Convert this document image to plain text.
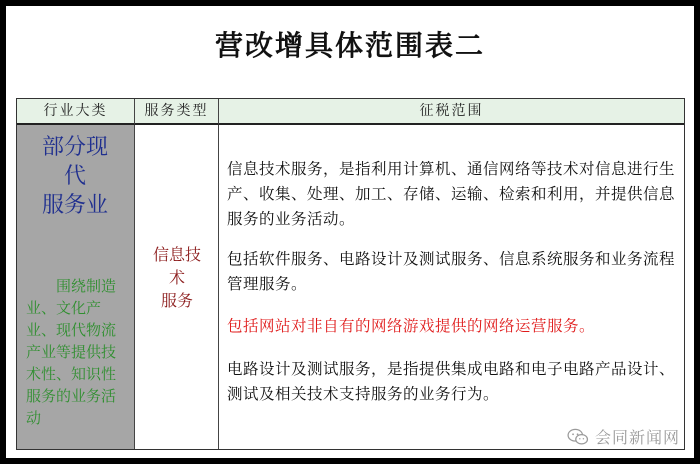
营改增具体范围表二
行业大类	服务类型	征税范围
部分现
代
服务业
围绕制造业、文化产业、现代物流产业等提供技术性、知识性服务的业务活动
信息技
术
服务
信息技术服务，是指利用计算机、通信网络等技术对信息进行生产、收集、处理、加工、存储、运输、检索和利用，并提供信息服务的业务活动。
包括软件服务、电路设计及测试服务、信息系统服务和业务流程管理服务。
包括网站对非自有的网络游戏提供的网络运营服务。
电路设计及测试服务，是指提供集成电路和电子电路产品设计、测试及相关技术支持服务的业务行为。
会同新闻网
